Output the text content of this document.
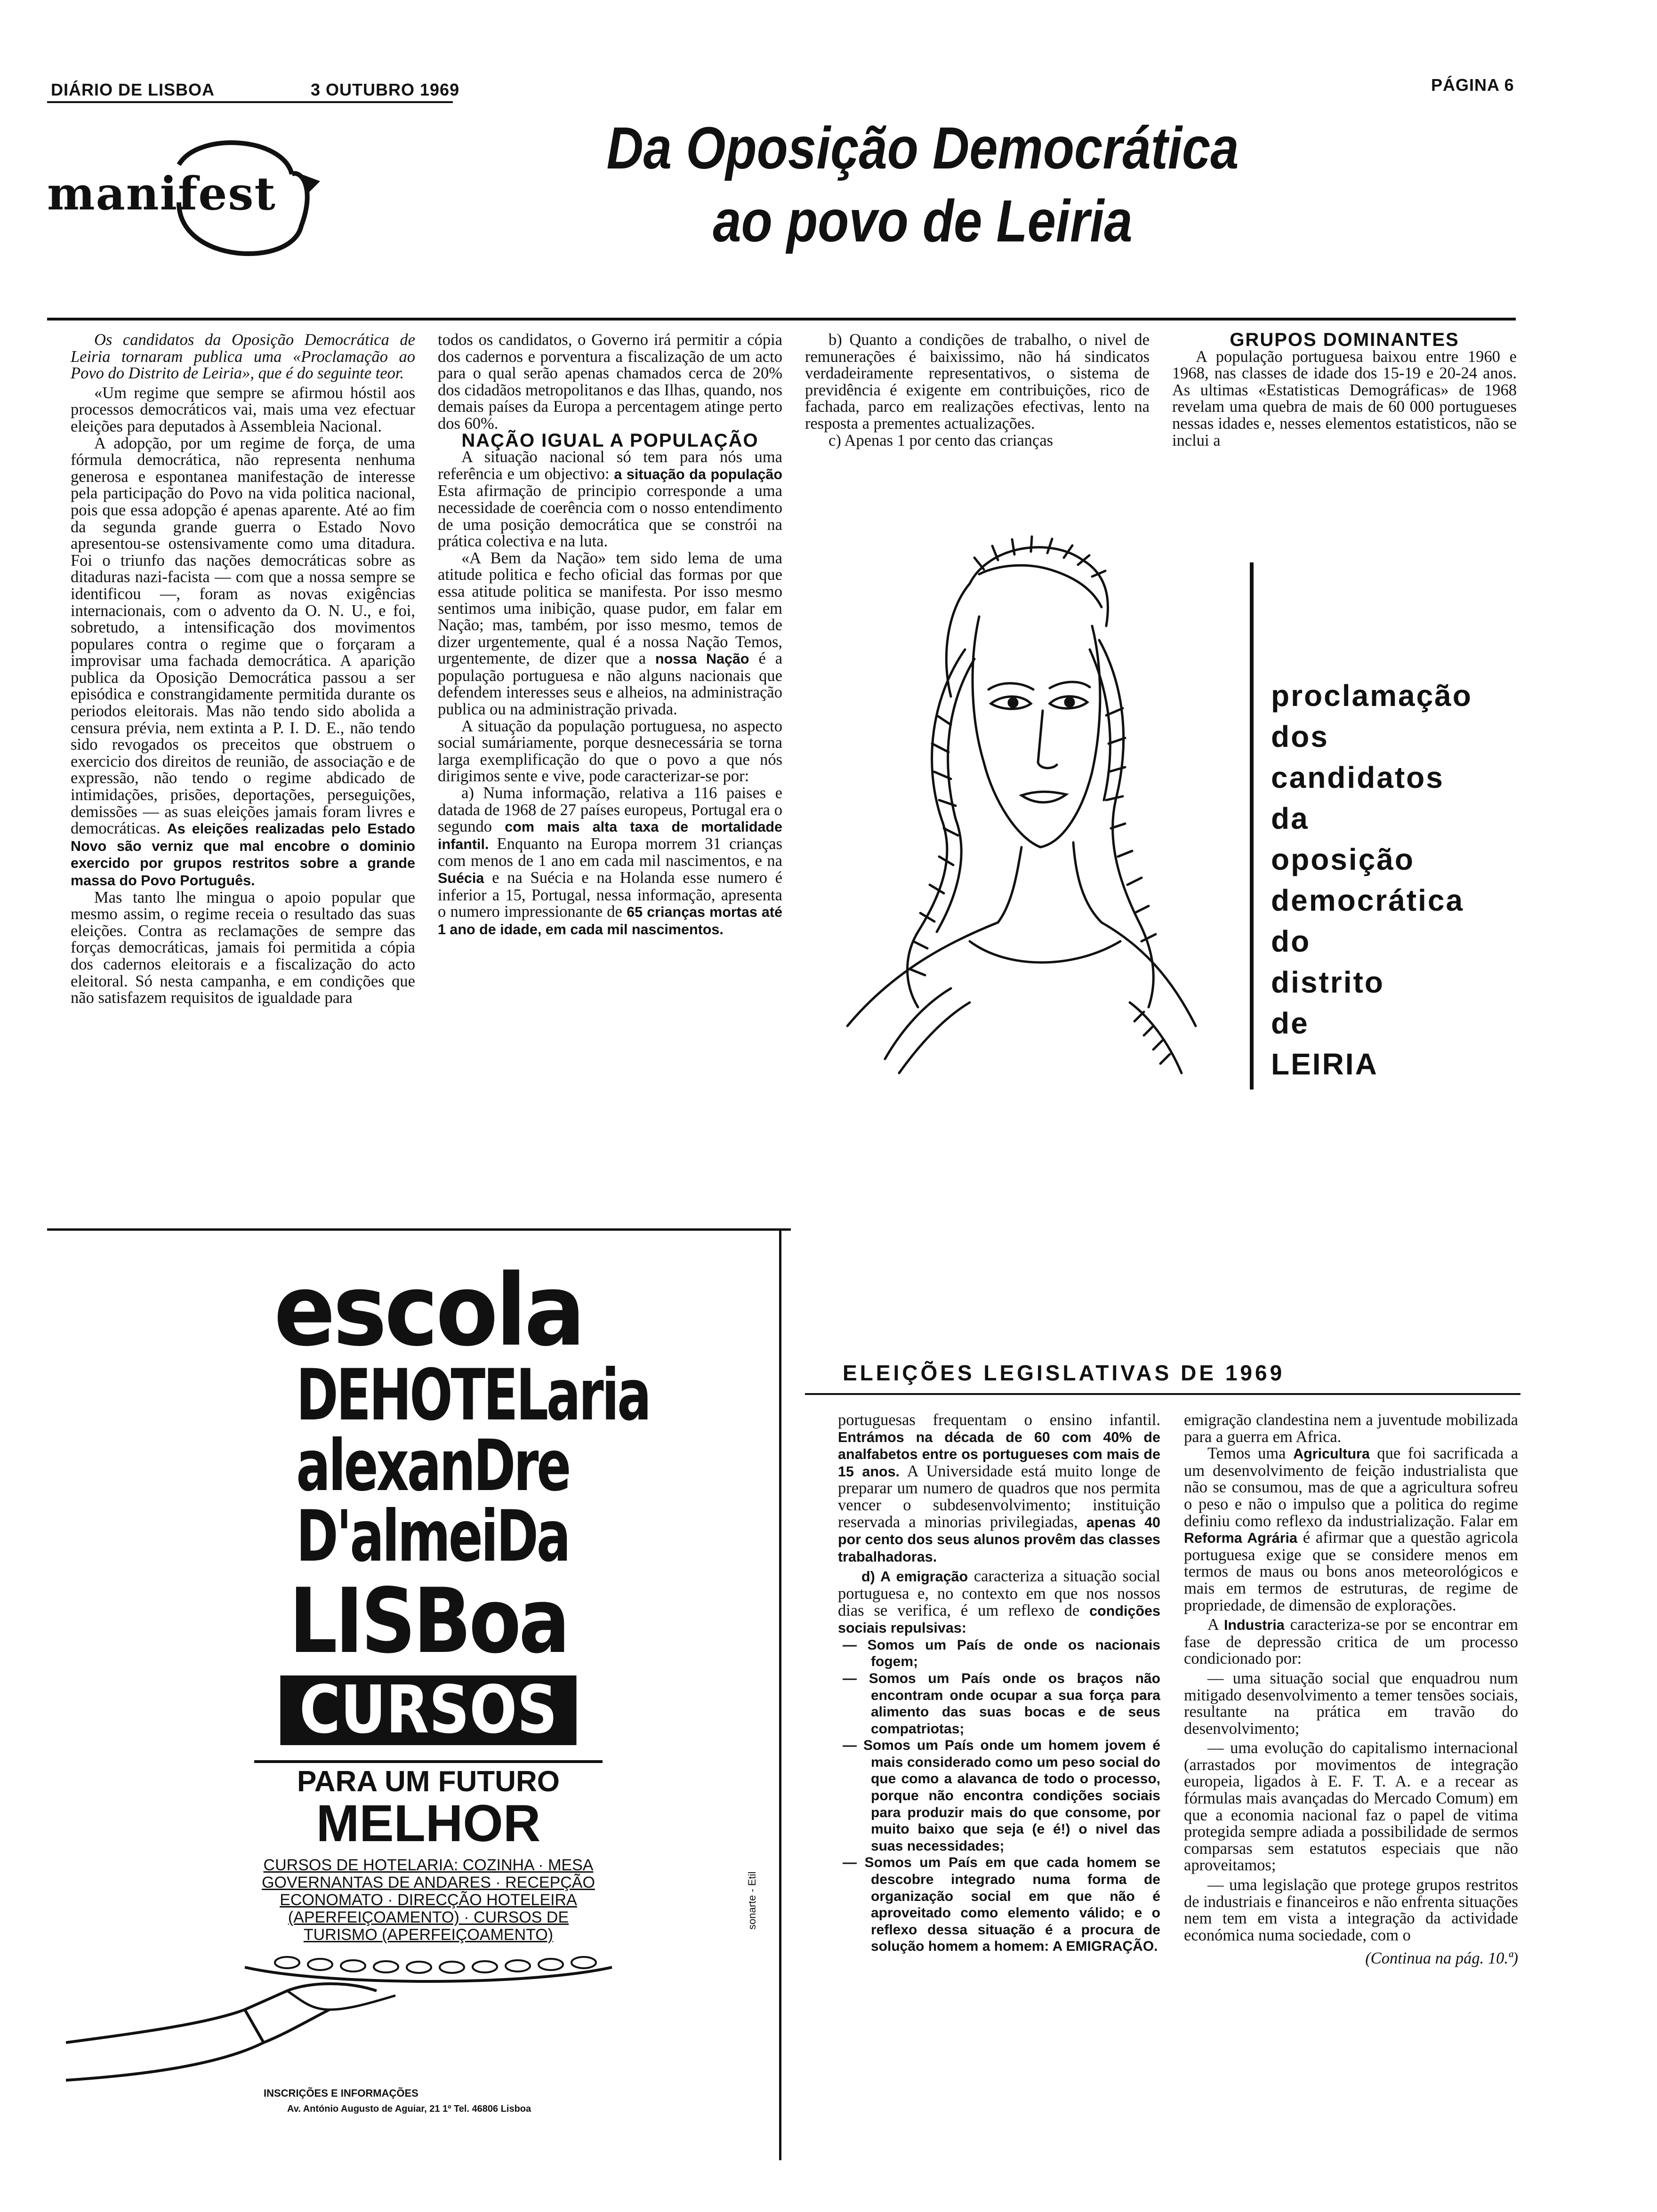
DIÁRIO DE LISBOA	3 OUTUBRO 1969	PÁGINA 6
manifest
Da Oposição Democrática
ao povo de Leiria

Os candidatos da Oposição Democrática de Leiria tornaram publica uma «Proclamação ao Povo do Distrito de Leiria», que é do seguinte teor.

«Um regime que sempre se afirmou hóstil aos processos democráticos vai, mais uma vez efectuar eleições para deputados à Assembleia Nacional.

A adopção, por um regime de força, de uma fórmula democrática, não representa nenhuma generosa e espontanea manifestação de interesse pela participação do Povo na vida politica nacional, pois que essa adopção é apenas aparente. Até ao fim da segunda grande guerra o Estado Novo apresentou-se ostensivamente como uma ditadura. Foi o triunfo das nações democráticas sobre as ditaduras nazi-facista — com que a nossa sempre se identificou —, foram as novas exigências internacionais, com o advento da O. N. U., e foi, sobretudo, a intensificação dos movimentos populares contra o regime que o forçaram a improvisar uma fachada democrática. A aparição publica da Oposição Democrática passou a ser episódica e constrangidamente permitida durante os periodos eleitorais. Mas não tendo sido abolida a censura prévia, nem extinta a P. I. D. E., não tendo sido revogados os preceitos que obstruem o exercicio dos direitos de reunião, de associação e de expressão, não tendo o regime abdicado de intimidações, prisões, deportações, perseguições, demissões — as suas eleições jamais foram livres e democráticas. As eleições realizadas pelo Estado Novo são verniz que mal encobre o dominio exercido por grupos restritos sobre a grande massa do Povo Português.

Mas tanto lhe mingua o apoio popular que mesmo assim, o regime receia o resultado das suas eleições. Contra as reclamações de sempre das forças democráticas, jamais foi permitida a cópia dos cadernos eleitorais e a fiscalização do acto eleitoral. Só nesta campanha, e em condições que não satisfazem requisitos de igualdade para

todos os candidatos, o Governo irá permitir a cópia dos cadernos e porventura a fiscalização de um acto para o qual serão apenas chamados cerca de 20% dos cidadãos metropolitanos e das Ilhas, quando, nos demais países da Europa a percentagem atinge perto dos 60%.

NAÇÃO IGUAL A POPULAÇÃO

A situação nacional só tem para nós uma referência e um objectivo: a situação da população Esta afirmação de principio corresponde a uma necessidade de coerência com o nosso entendimento de uma posição democrática que se constrói na prática colectiva e na luta.

«A Bem da Nação» tem sido lema de uma atitude politica e fecho oficial das formas por que essa atitude politica se manifesta. Por isso mesmo sentimos uma inibição, quase pudor, em falar em Nação; mas, também, por isso mesmo, temos de dizer urgentemente, qual é a nossa Nação Temos, urgentemente, de dizer que a nossa Nação é a população portuguesa e não alguns nacionais que defendem interesses seus e alheios, na administração publica ou na administração privada.

A situação da população portuguesa, no aspecto social sumáriamente, porque desnecessária se torna larga exemplificação do que o povo a que nós dirigimos sente e vive, pode caracterizar-se por:

a) Numa informação, relativa a 116 paises e datada de 1968 de 27 países europeus, Portugal era o segundo com mais alta taxa de mortalidade infantil. Enquanto na Europa morrem 31 crianças com menos de 1 ano em cada mil nascimentos, e na Suécia e na Suécia e na Holanda esse numero é inferior a 15, Portugal, nessa informação, apresenta o numero impressionante de 65 crianças mortas até 1 ano de idade, em cada mil nascimentos.

b) Quanto a condições de trabalho, o nivel de remunerações é baixissimo, não há sindicatos verdadeiramente representativos, o sistema de previdência é exigente em contribuições, rico de fachada, parco em realizações efectivas, lento na resposta a prementes actualizações.

c) Apenas 1 por cento das crianças

GRUPOS DOMINANTES

A população portuguesa baixou entre 1960 e 1968, nas classes de idade dos 15-19 e 20-24 anos. As ultimas «Estatisticas Demográficas» de 1968 revelam uma quebra de mais de 60 000 portugueses nessas idades e, nesses elementos estatisticos, não se inclui a

proclamação
dos
candidatos
da
oposição
democrática
do
distrito
de
LEIRIA
escola
DEHOTELaria
alexanDre
D'almeiDa
LISBoa
CURSOS
PARA UM FUTURO
MELHOR
CURSOS DE HOTELARIA: COZINHA · MESA GOVERNANTAS DE ANDARES · RECEPÇÃO ECONOMATO · DIRECÇÃO HOTELEIRA (APERFEIÇOAMENTO) · CURSOS DE TURISMO (APERFEIÇOAMENTO)
INSCRIÇÕES E INFORMAÇÕES
Av. António Augusto de Aguiar, 21 1º Tel. 46806 Lisboa
sonarte - Etil
ELEIÇÕES LEGISLATIVAS DE 1969

portuguesas frequentam o ensino infantil. Entrámos na década de 60 com 40% de analfabetos entre os portugueses com mais de 15 anos. A Universidade está muito longe de preparar um numero de quadros que nos permita vencer o subdesenvolvimento; instituição reservada a minorias privilegiadas, apenas 40 por cento dos seus alunos provêm das classes trabalhadoras.

d) A emigração caracteriza a situação social portuguesa e, no contexto em que nos nossos dias se verifica, é um reflexo de condições sociais repulsivas:

— Somos um País de onde os nacionais fogem;

— Somos um País onde os braços não encontram onde ocupar a sua força para alimento das suas bocas e de seus compatriotas;

— Somos um País onde um homem jovem é mais considerado como um peso social do que como a alavanca de todo o processo, porque não encontra condições sociais para produzir mais do que consome, por muito baixo que seja (e é!) o nivel das suas necessidades;

— Somos um País em que cada homem se descobre integrado numa forma de organização social em que não é aproveitado como elemento válido; e o reflexo dessa situação é a procura de solução homem a homem: A EMIGRAÇÃO.

emigração clandestina nem a juventude mobilizada para a guerra em Africa.

Temos uma Agricultura que foi sacrificada a um desenvolvimento de feição industrialista que não se consumou, mas de que a agricultura sofreu o peso e não o impulso que a politica do regime definiu como reflexo da industrialização. Falar em Reforma Agrária é afirmar que a questão agricola portuguesa exige que se considere menos em termos de maus ou bons anos meteorológicos e mais em termos de estruturas, de regime de propriedade, de dimensão de explorações.

A Industria caracteriza-se por se encontrar em fase de depressão critica de um processo condicionado por:

— uma situação social que enquadrou num mitigado desenvolvimento a temer tensões sociais, resultante na prática em travão do desenvolvimento;

— uma evolução do capitalismo internacional (arrastados por movimentos de integração europeia, ligados à E. F. T. A. e a recear as fórmulas mais avançadas do Mercado Comum) em que a economia nacional faz o papel de vitima protegida sempre adiada a possibilidade de sermos comparsas sem estatutos especiais que não aproveitamos;

— uma legislação que protege grupos restritos de industriais e financeiros e não enfrenta situações nem tem em vista a integração da actividade económica numa sociedade, com o

(Continua na pág. 10.ª)
